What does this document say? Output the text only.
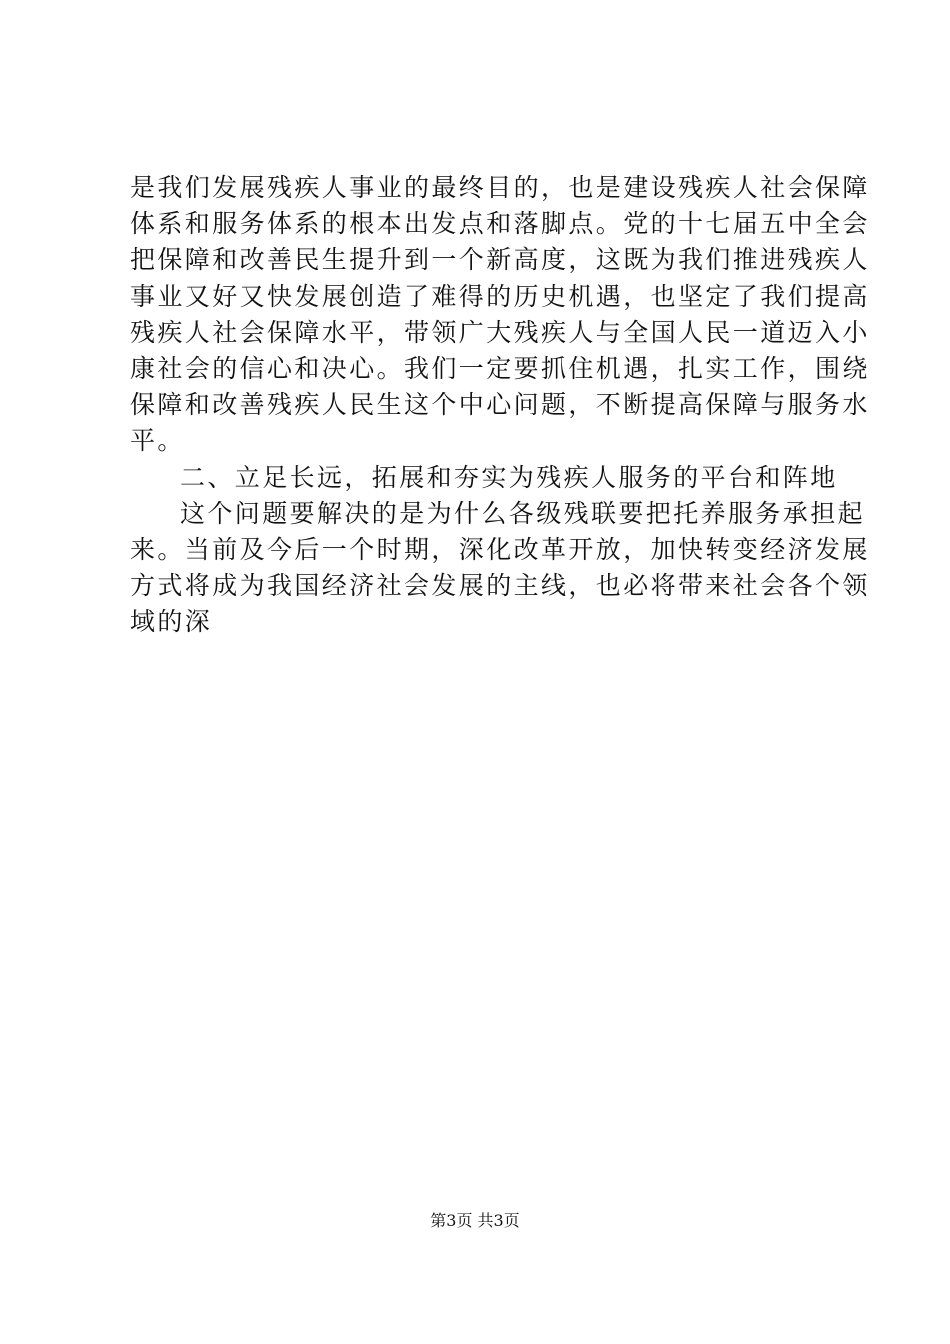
是我们发展残疾人事业的最终目的，也是建设残疾人社会保障
体系和服务体系的根本出发点和落脚点。党的十七届五中全会
把保障和改善民生提升到一个新高度，这既为我们推进残疾人
事业又好又快发展创造了难得的历史机遇，也坚定了我们提高
残疾人社会保障水平，带领广大残疾人与全国人民一道迈入小
康社会的信心和决心。我们一定要抓住机遇，扎实工作，围绕
保障和改善残疾人民生这个中心问题，不断提高保障与服务水
平。
二、立足长远，拓展和夯实为残疾人服务的平台和阵地
这个问题要解决的是为什么各级残联要把托养服务承担起
来。当前及今后一个时期，深化改革开放，加快转变经济发展
方式将成为我国经济社会发展的主线，也必将带来社会各个领
域的深
第3页 共3页
